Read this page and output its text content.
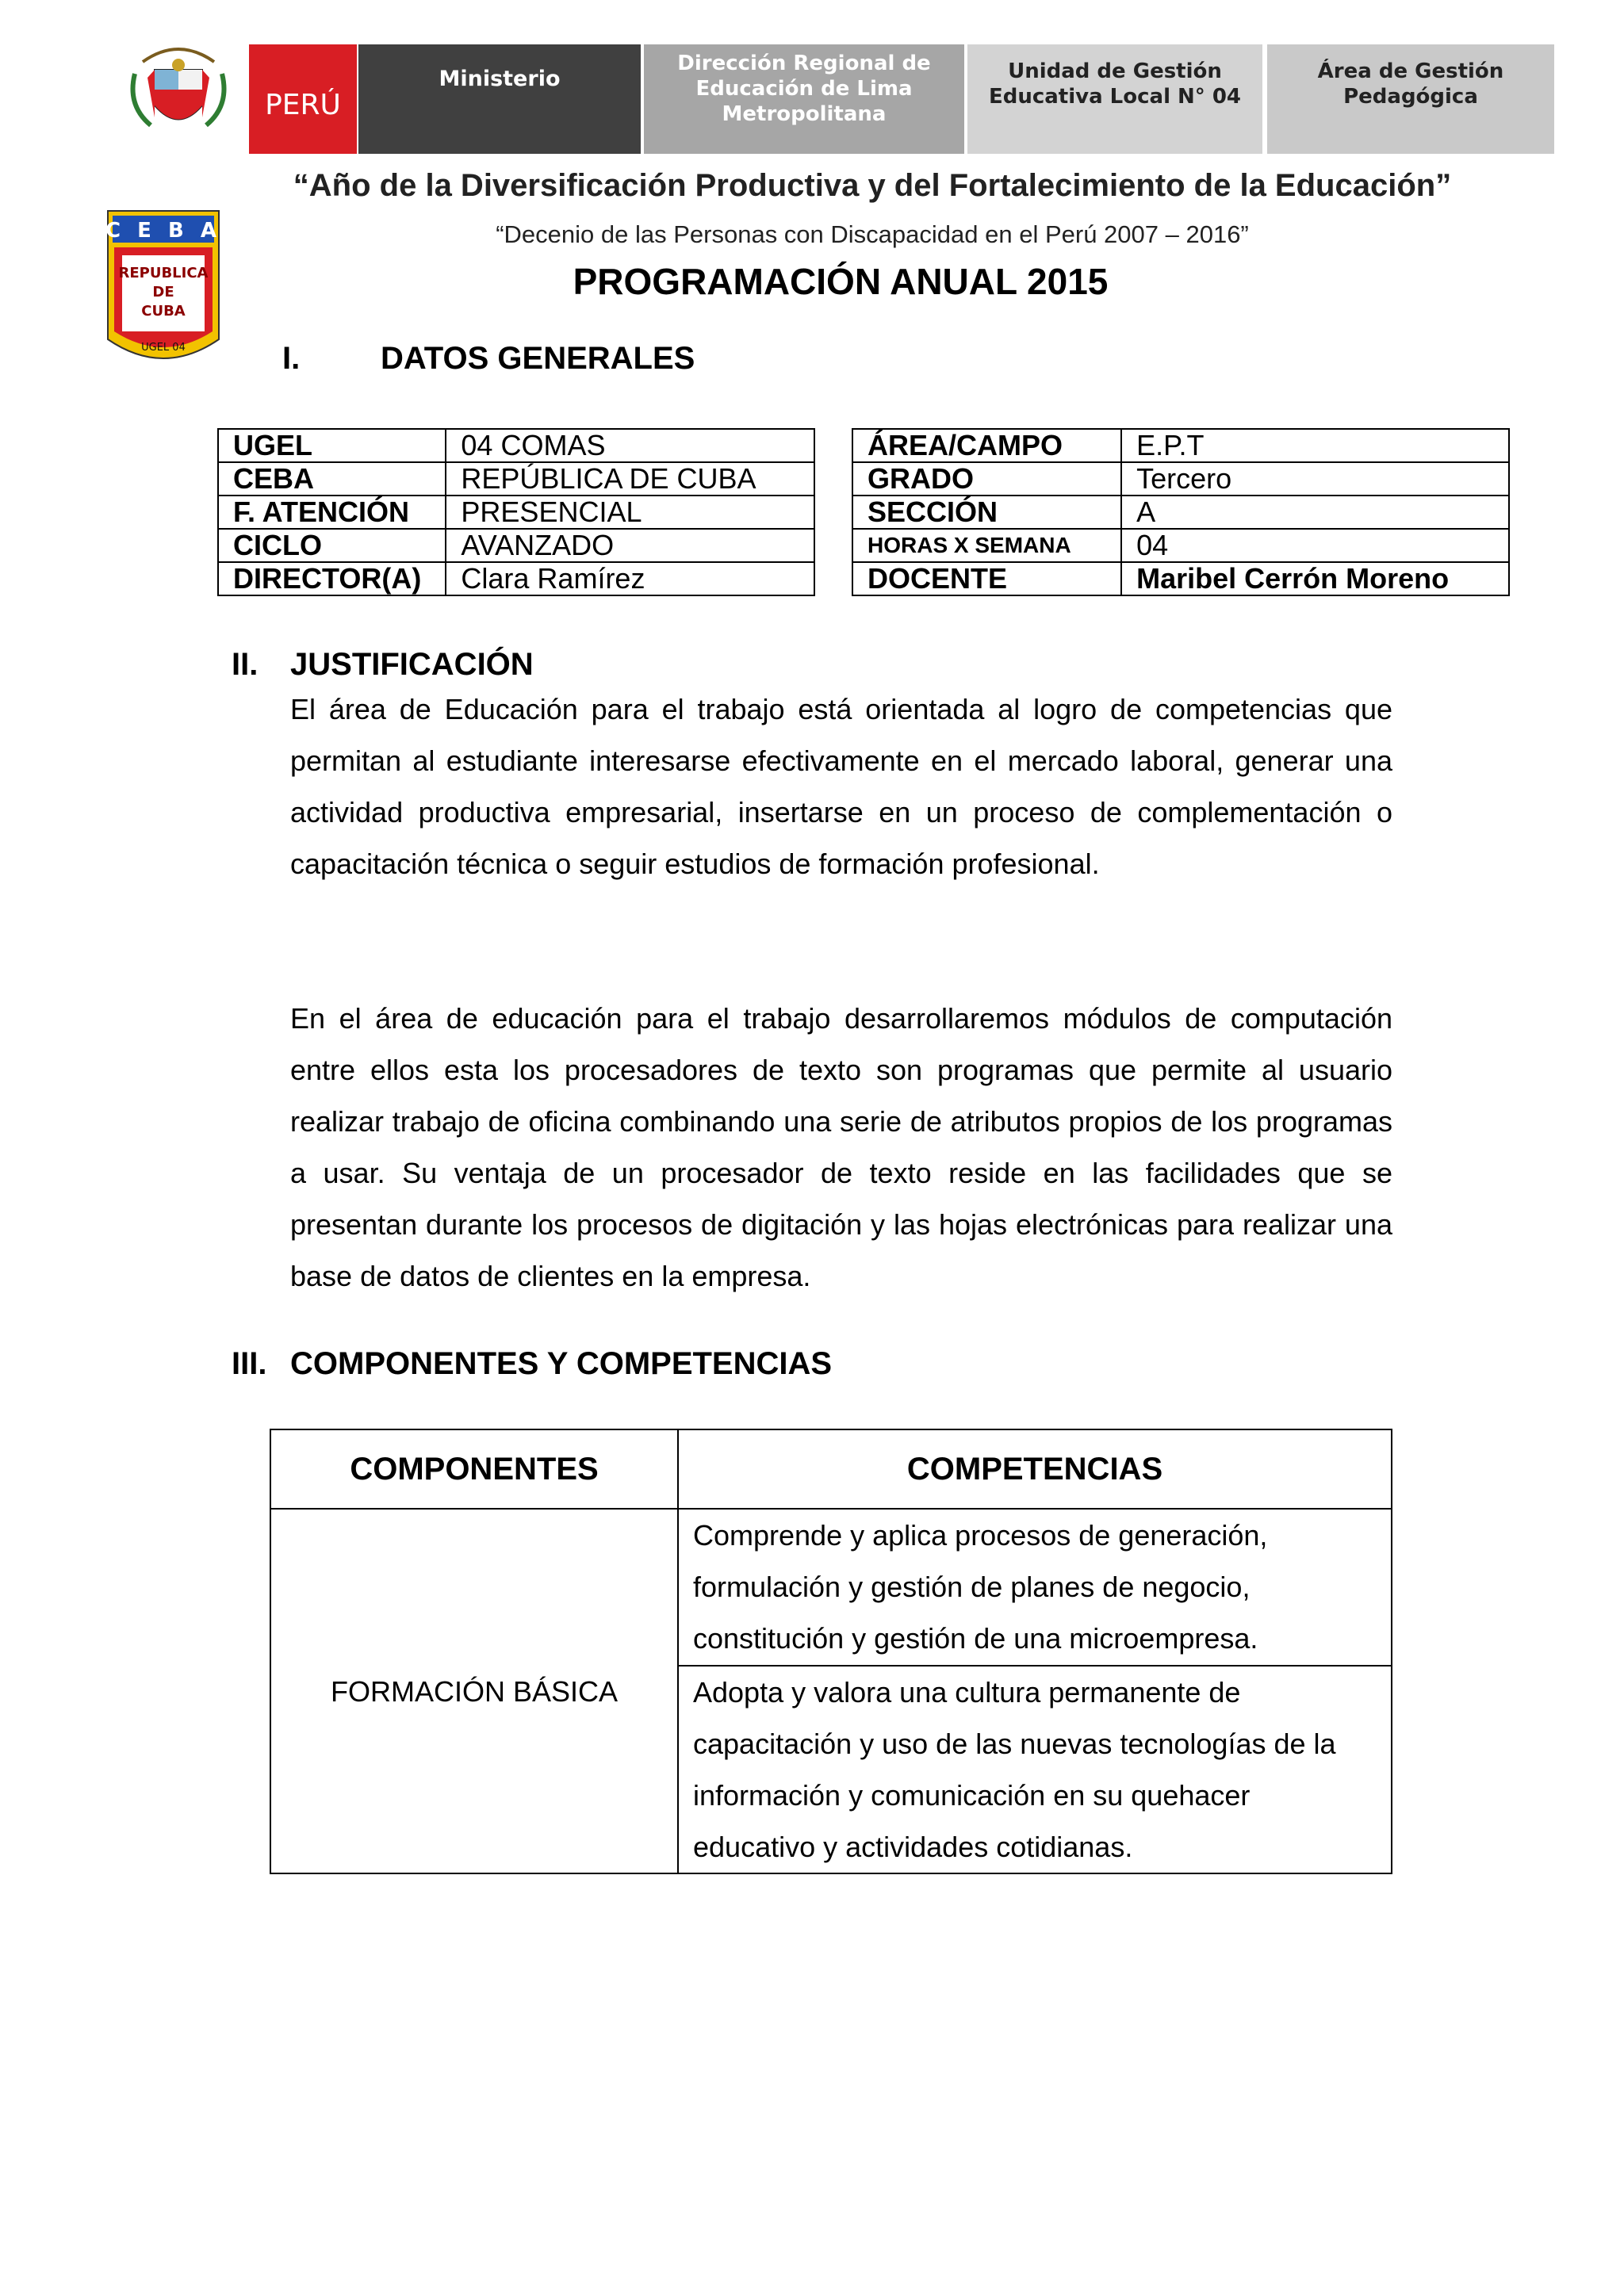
PERÚ
Ministerio
Dirección Regional de Educación de Lima Metropolitana
Unidad de Gestión Educativa Local N° 04
Área de Gestión Pedagógica
C E B A
REPUBLICA
DE
CUBA
UGEL 04
“Año de la Diversificación Productiva y del Fortalecimiento de la Educación”
“Decenio de las Personas con Discapacidad en el Perú 2007 – 2016”
PROGRAMACIÓN ANUAL 2015
I.	DATOS GENERALES
UGEL	04 COMAS
CEBA	REPÚBLICA DE CUBA
F. ATENCIÓN	PRESENCIAL
CICLO	AVANZADO
DIRECTOR(A)	Clara Ramírez
ÁREA/CAMPO	E.P.T
GRADO	Tercero
SECCIÓN	A
HORAS X SEMANA	04
DOCENTE	Maribel Cerrón Moreno
II. JUSTIFICACIÓN
El área de Educación para el trabajo está orientada al logro de competencias que permitan al estudiante interesarse efectivamente en el mercado laboral, generar una actividad productiva empresarial, insertarse en un proceso de complementación o capacitación técnica o seguir estudios de formación profesional.
En el área de educación para el trabajo desarrollaremos módulos de computación entre ellos esta los procesadores de texto son programas que permite al usuario realizar trabajo de oficina combinando una serie de atributos propios de los programas a usar. Su ventaja de un procesador de texto reside en las facilidades que se presentan durante los procesos de digitación y las hojas electrónicas para realizar una base de datos de clientes en la empresa.
III. COMPONENTES Y COMPETENCIAS
COMPONENTES	COMPETENCIAS
FORMACIÓN BÁSICA	Comprende y aplica procesos de generación, formulación y gestión de planes de negocio, constitución y gestión de una microempresa.
	Adopta y valora una cultura permanente de capacitación y uso de las nuevas tecnologías de la información y comunicación en su quehacer educativo y actividades cotidianas.
